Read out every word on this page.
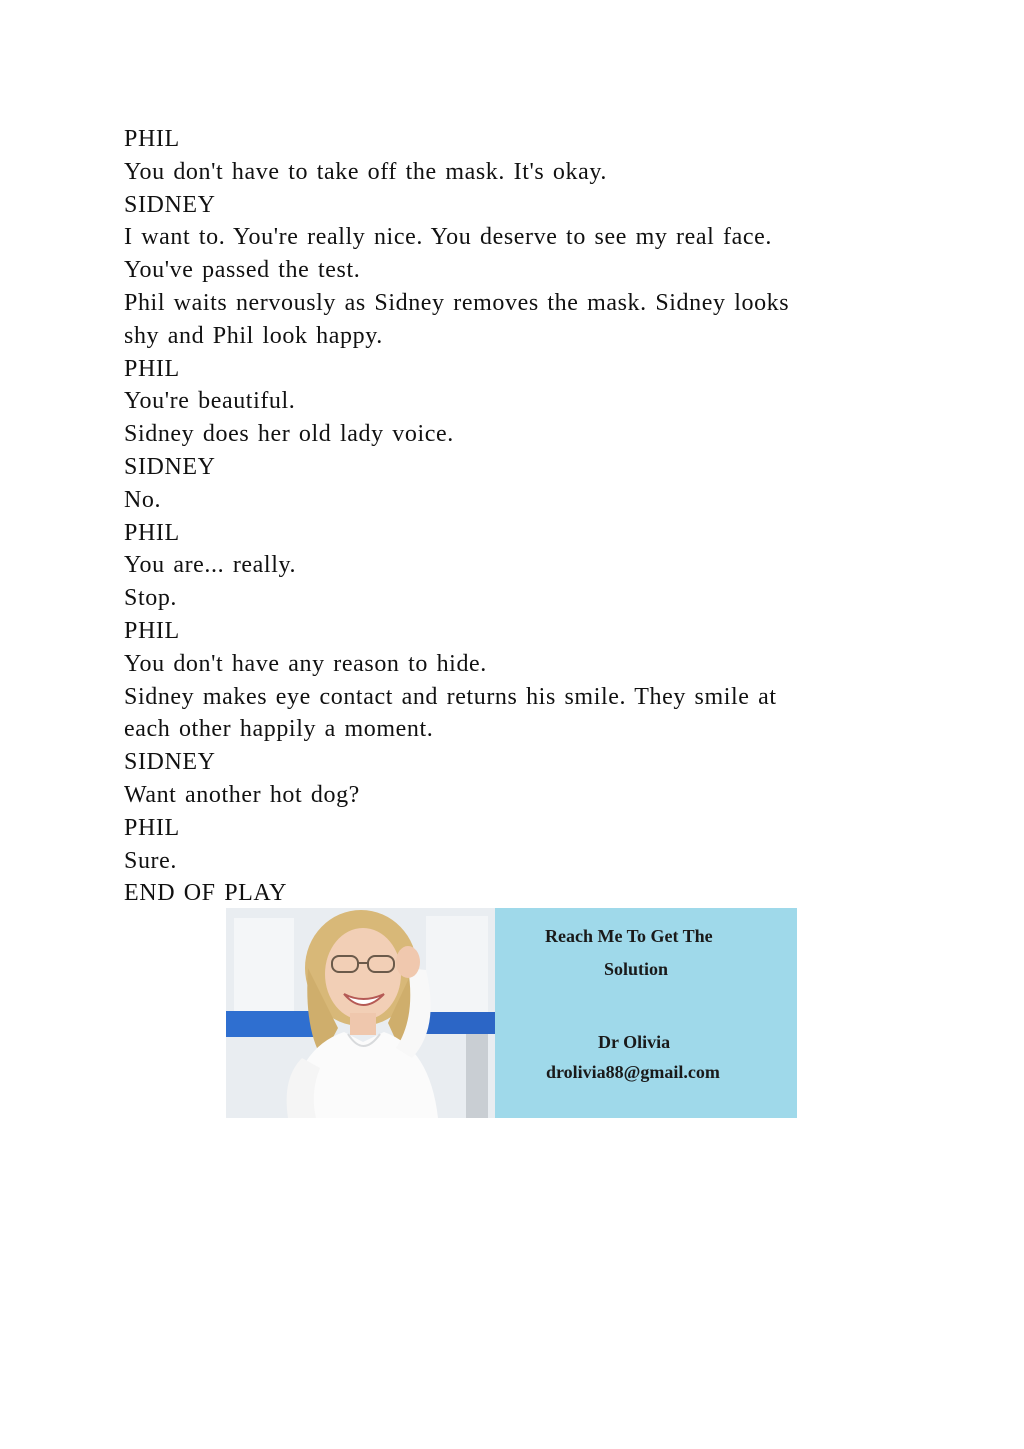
PHIL
You don't have to take off the mask. It's okay.
SIDNEY
I want to. You're really nice. You deserve to see my real face.
You've passed the test.
Phil waits nervously as Sidney removes the mask. Sidney looks
shy and Phil look happy.
PHIL
You're beautiful.
Sidney does her old lady voice.
SIDNEY
No.
PHIL
You are... really.
Stop.
PHIL
You don't have any reason to hide.
Sidney makes eye contact and returns his smile. They smile at
each other happily a moment.
SIDNEY
Want another hot dog?
PHIL
Sure.
END OF PLAY
Reach Me To Get The
Solution
Dr Olivia
drolivia88@gmail.com
